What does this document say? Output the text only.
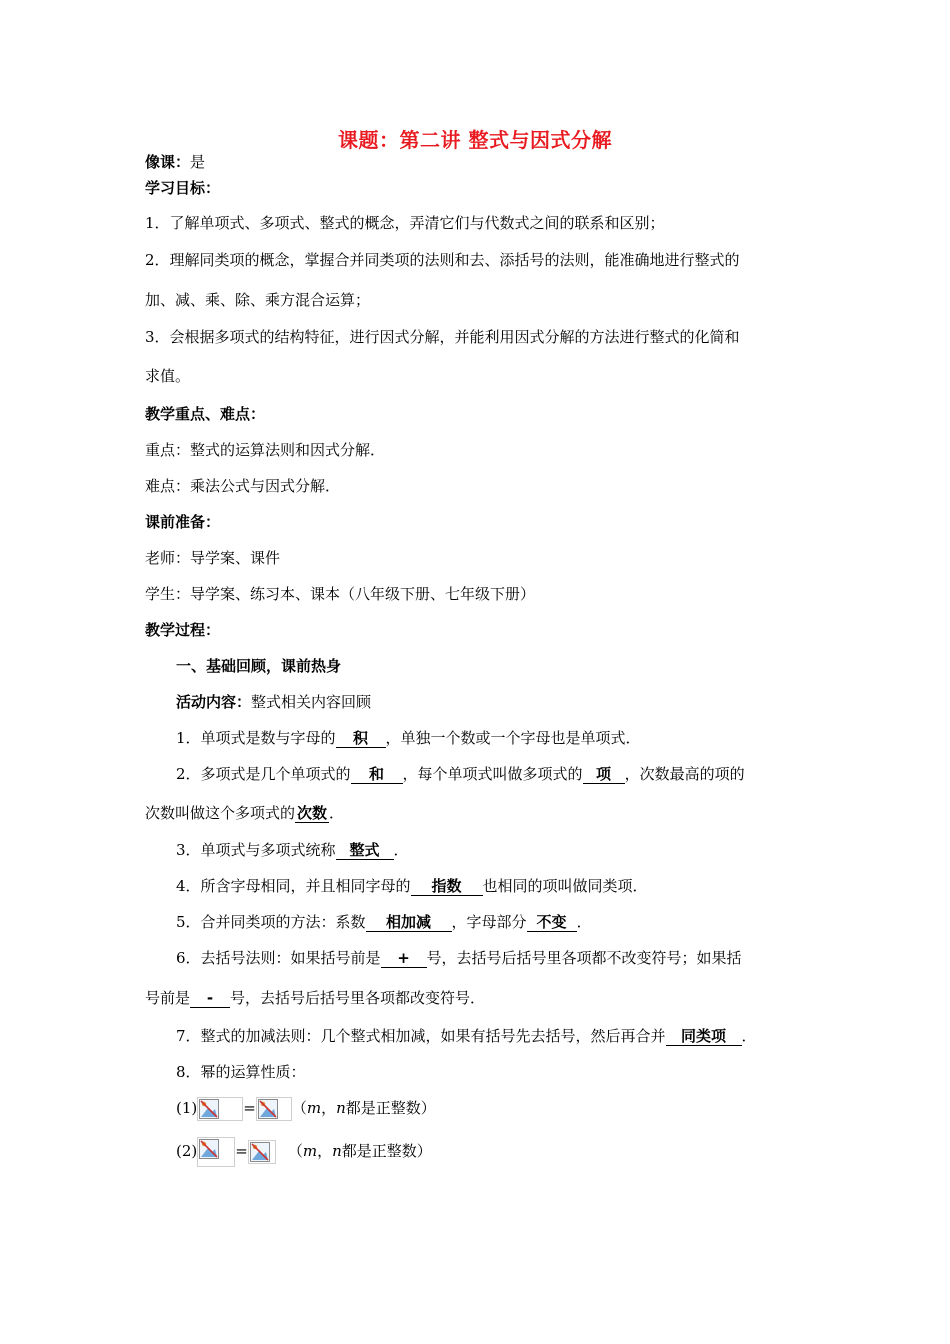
课题：第二讲 整式与因式分解
像课：是
学习目标：
1．了解单项式、多项式、整式的概念，弄清它们与代数式之间的联系和区别；
2．理解同类项的概念，掌握合并同类项的法则和去、添括号的法则，能准确地进行整式的
加、减、乘、除、乘方混合运算；
3．会根据多项式的结构特征，进行因式分解，并能利用因式分解的方法进行整式的化简和
求值。
教学重点、难点：
重点：整式的运算法则和因式分解．
难点：乘法公式与因式分解．
课前准备：
老师：导学案、课件
学生：导学案、练习本、课本（八年级下册、七年级下册）
教学过程：
一、基础回顾，课前热身
活动内容：整式相关内容回顾
1．单项式是数与字母的 积 ，单独一个数或一个字母也是单项式．
2．多项式是几个单项式的 和 ，每个单项式叫做多项式的 项 ，次数最高的项的
次数叫做这个多项式的 次数 ．
3．单项式与多项式统称 整式 ．
4．所含字母相同，并且相同字母的 指数 也相同的项叫做同类项．
5．合并同类项的方法：系数 相加减 ，字母部分 不变 ．
6．去括号法则：如果括号前是 + 号，去括号后括号里各项都不改变符号；如果括
号前是 - 号，去括号后括号里各项都改变符号．
7．整式的加减法则：几个整式相加减，如果有括号先去括号，然后再合并 同类项 ．
8．幂的运算性质：
(1)	= （m，n都是正整数）
(2)	=	（m，n都是正整数）
